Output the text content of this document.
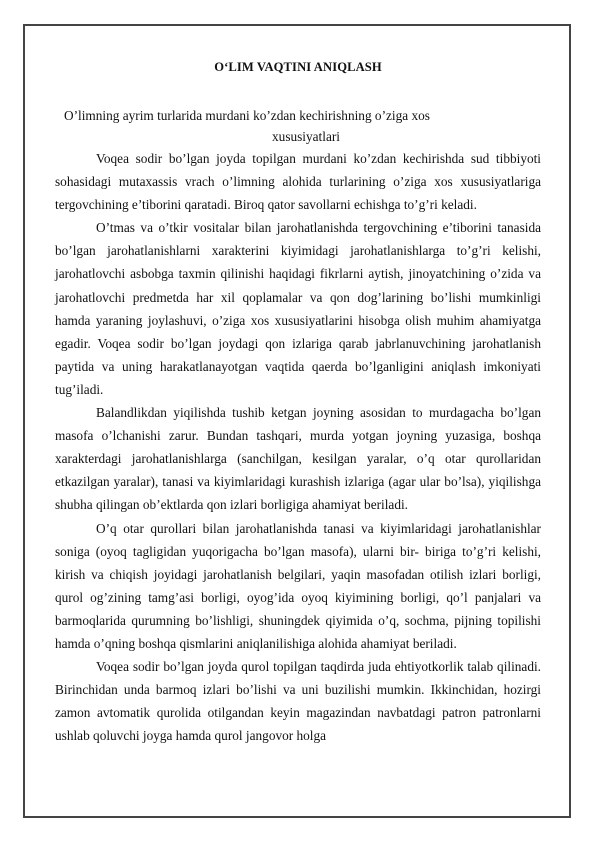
O‘LIM VAQTINI ANIQLASH
O’limning ayrim turlarida murdani ko’zdan kechirishning o’ziga xos
xususiyatlari

Voqea sodir bo’lgan joyda topilgan murdani ko’zdan kechirishda sud tibbiyoti sohasidagi mutaxassis vrach o’limning alohida turlarining o’ziga xos xususiyatlariga tergovchining e’tiborini qaratadi. Biroq qator savollarni echishga to’g’ri keladi.

O’tmas va o’tkir vositalar bilan jarohatlanishda tergovchining e’tiborini tanasida bo’lgan jarohatlanishlarni xarakterini kiyimidagi jarohatlanishlarga to’g’ri kelishi, jarohatlovchi asbobga taxmin qilinishi haqidagi fikrlarni aytish, jinoyatchining o’zida va jarohatlovchi predmetda har xil qoplamalar va qon dog’larining bo’lishi mumkinligi hamda yaraning joylashuvi, o’ziga xos xususiyatlarini hisobga olish muhim ahamiyatga egadir. Voqea sodir bo’lgan joydagi qon izlariga qarab jabrlanuvchining jarohatlanish paytida va uning harakatlanayotgan vaqtida qaerda bo’lganligini aniqlash imkoniyati tug’iladi.

Balandlikdan yiqilishda tushib ketgan joyning asosidan to murdagacha bo’lgan masofa o’lchanishi zarur. Bundan tashqari, murda yotgan joyning yuzasiga, boshqa xarakterdagi jarohatlanishlarga (sanchilgan, kesilgan yaralar, o’q otar qurollaridan etkazilgan yaralar), tanasi va kiyimlaridagi kurashish izlariga (agar ular bo’lsa), yiqilishga shubha qilingan ob’ektlarda qon izlari borligiga ahamiyat beriladi.

O’q otar qurollari bilan jarohatlanishda tanasi va kiyimlaridagi jarohatlanishlar soniga (oyoq tagligidan yuqorigacha bo’lgan masofa), ularni bir- biriga to’g’ri kelishi, kirish va chiqish joyidagi jarohatlanish belgilari, yaqin masofadan otilish izlari borligi, qurol og’zining tamg’asi borligi, oyog’ida oyoq kiyimining borligi, qo’l panjalari va barmoqlarida qurumning bo’lishligi, shuningdek qiyimida o’q, sochma, pijning topilishi hamda o’qning boshqa qismlarini aniqlanilishiga alohida ahamiyat beriladi.

Voqea sodir bo’lgan joyda qurol topilgan taqdirda juda ehtiyotkorlik talab qilinadi. Birinchidan unda barmoq izlari bo’lishi va uni buzilishi mumkin. Ikkinchidan, hozirgi zamon avtomatik qurolida otilgandan keyin magazindan navbatdagi patron patronlarni ushlab qoluvchi joyga hamda qurol jangovor holga
